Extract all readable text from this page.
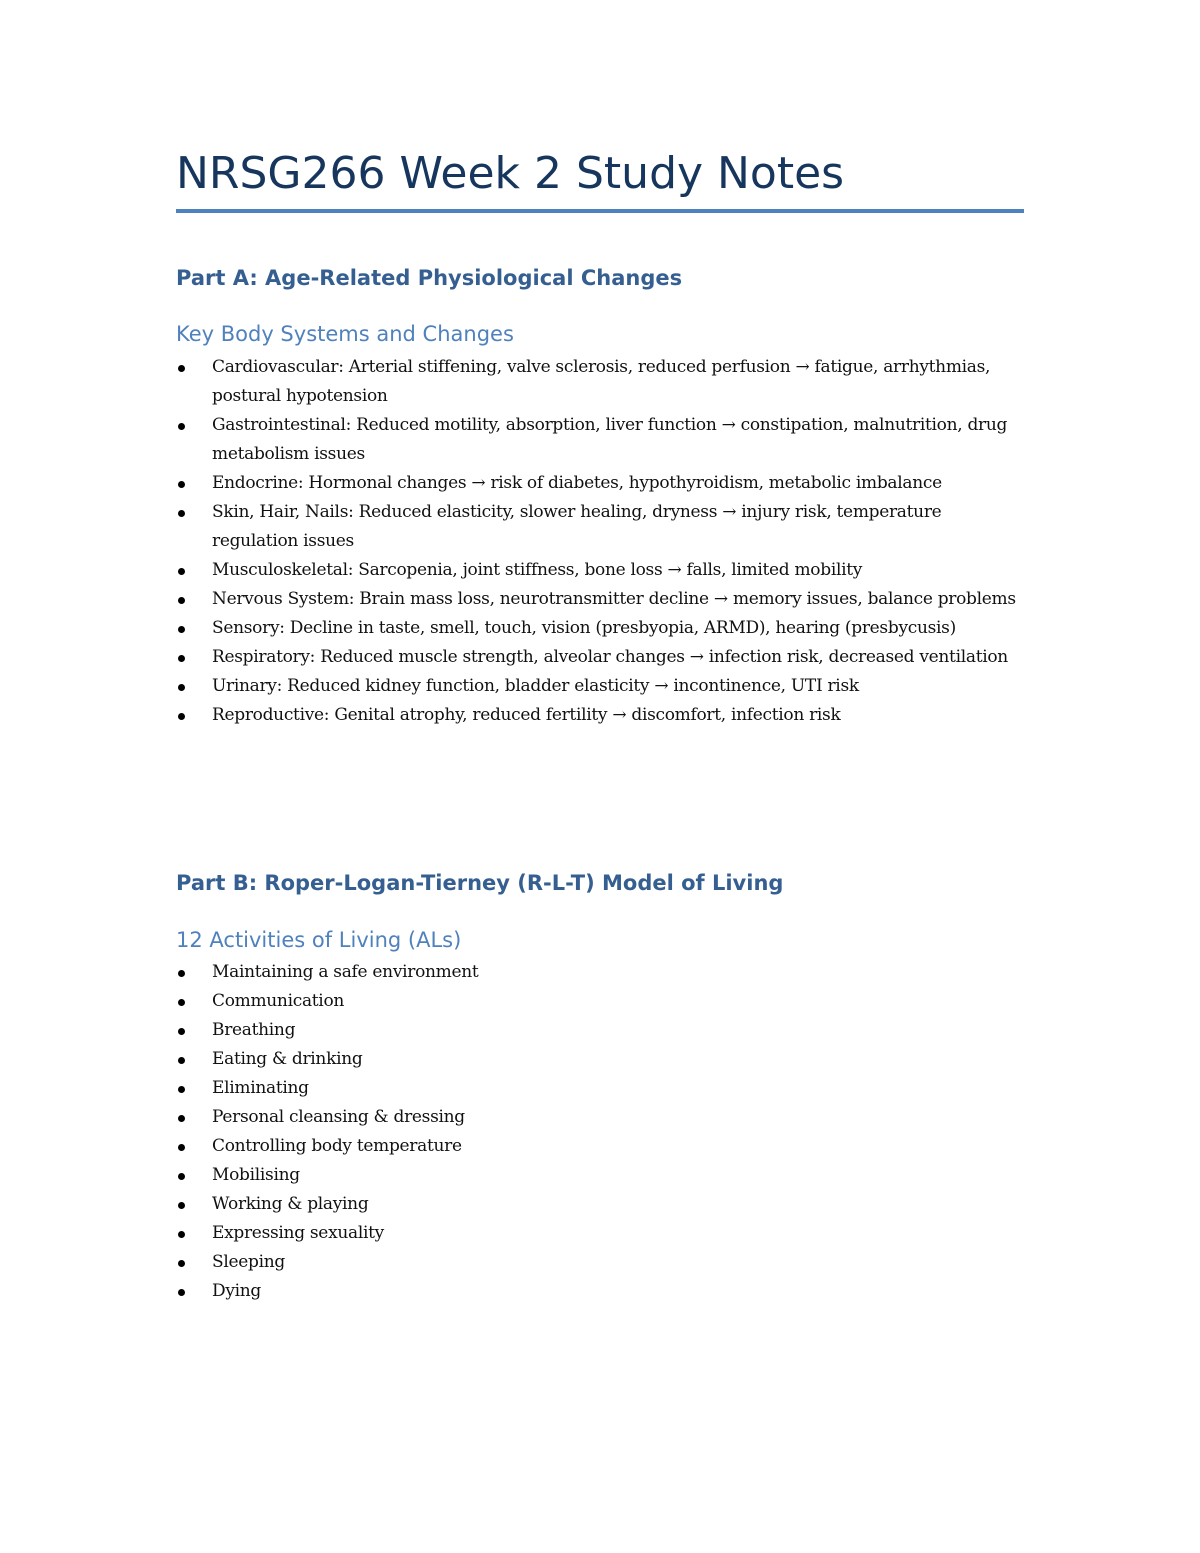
NRSG266 Week 2 Study Notes
Part A: Age-Related Physiological Changes
Key Body Systems and Changes
Cardiovascular: Arterial stiffening, valve sclerosis, reduced perfusion → fatigue, arrhythmias, postural hypotension
Gastrointestinal: Reduced motility, absorption, liver function → constipation, malnutrition, drug metabolism issues
Endocrine: Hormonal changes → risk of diabetes, hypothyroidism, metabolic imbalance
Skin, Hair, Nails: Reduced elasticity, slower healing, dryness → injury risk, temperature regulation issues
Musculoskeletal: Sarcopenia, joint stiffness, bone loss → falls, limited mobility
Nervous System: Brain mass loss, neurotransmitter decline → memory issues, balance problems
Sensory: Decline in taste, smell, touch, vision (presbyopia, ARMD), hearing (presbycusis)
Respiratory: Reduced muscle strength, alveolar changes → infection risk, decreased ventilation
Urinary: Reduced kidney function, bladder elasticity → incontinence, UTI risk
Reproductive: Genital atrophy, reduced fertility → discomfort, infection risk
Part B: Roper-Logan-Tierney (R-L-T) Model of Living
12 Activities of Living (ALs)
Maintaining a safe environment
Communication
Breathing
Eating & drinking
Eliminating
Personal cleansing & dressing
Controlling body temperature
Mobilising
Working & playing
Expressing sexuality
Sleeping
Dying
